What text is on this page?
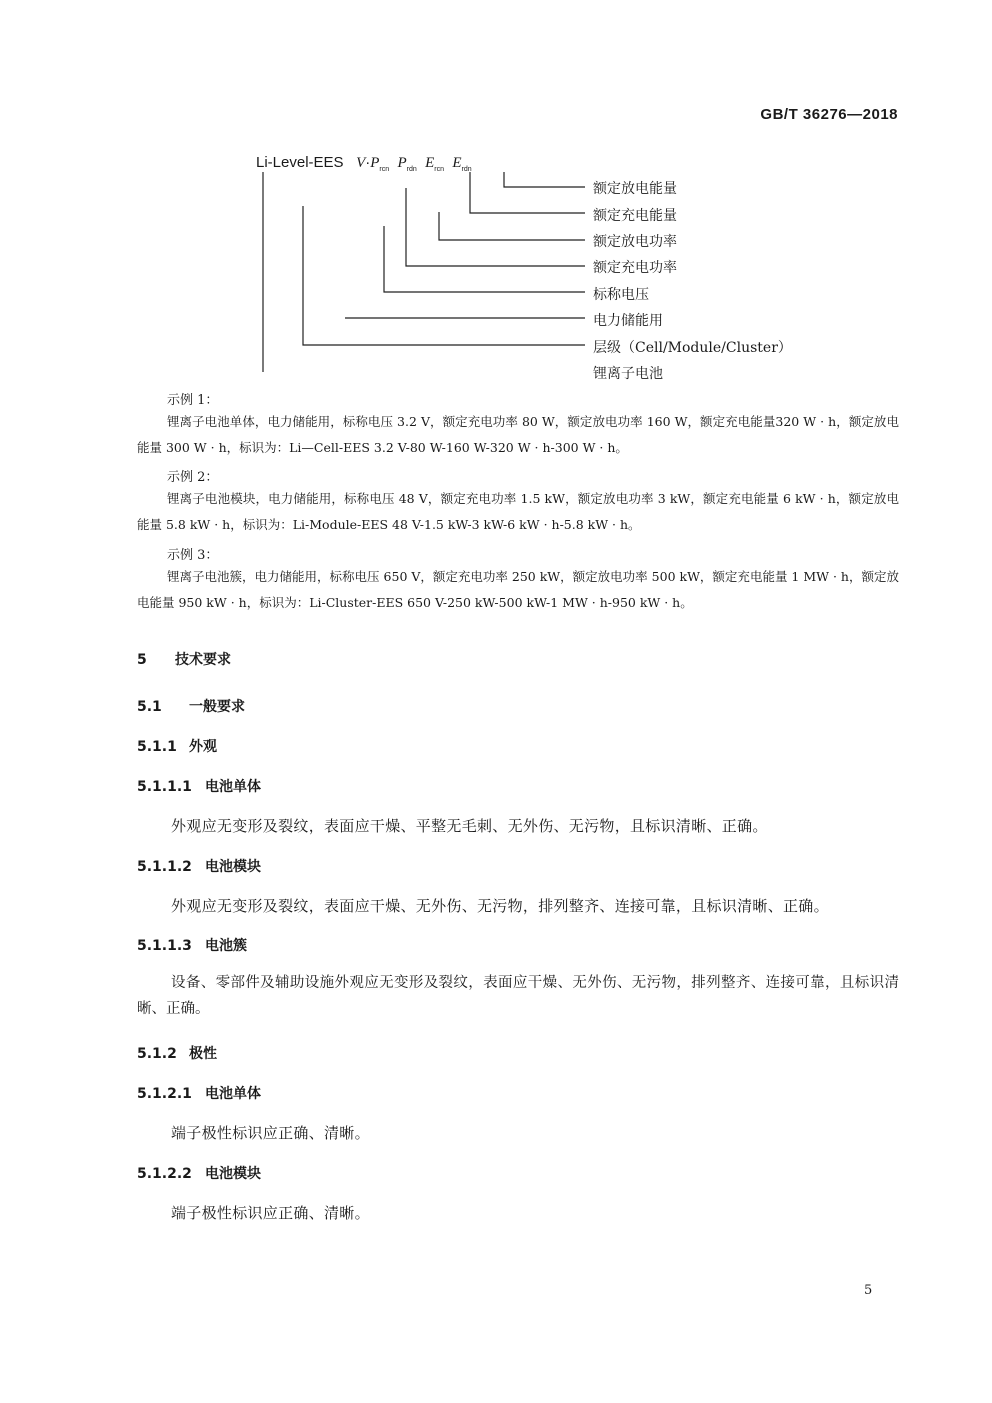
GB/T 36276—2018
Li-Level-EES $V\cdot P_{rcn}$ $P_{rdn}$ $E_{rcn}$ $E_{rdn}$
额定放电能量
额定充电能量
额定放电功率
额定充电功率
标称电压
电力储能用
层级（Cell/Module/Cluster）
锂离子电池
示例 1：
锂离子电池单体，电力储能用，标称电压 3.2 V，额定充电功率 80 W，额定放电功率 160 W，额定充电能量320 W · h，额定放电能量 300 W · h，标识为：Li—Cell-EES 3.2 V-80 W-160 W-320 W · h-300 W · h。
示例 2：
锂离子电池模块，电力储能用，标称电压 48 V，额定充电功率 1.5 kW，额定放电功率 3 kW，额定充电能量 6 kW · h，额定放电能量 5.8 kW · h，标识为：Li-Module-EES 48 V-1.5 kW-3 kW-6 kW · h-5.8 kW · h。
示例 3：
锂离子电池簇，电力储能用，标称电压 650 V，额定充电功率 250 kW，额定放电功率 500 kW，额定充电能量 1 MW · h，额定放电能量 950 kW · h，标识为：Li-Cluster-EES 650 V-250 kW-500 kW-1 MW · h-950 kW · h。
5 技术要求
5.1 一般要求
5.1.1 外观
5.1.1.1 电池单体
外观应无变形及裂纹，表面应干燥、平整无毛刺、无外伤、无污物，且标识清晰、正确。
5.1.1.2 电池模块
外观应无变形及裂纹，表面应干燥、无外伤、无污物，排列整齐、连接可靠，且标识清晰、正确。
5.1.1.3 电池簇
设备、零部件及辅助设施外观应无变形及裂纹，表面应干燥、无外伤、无污物，排列整齐、连接可靠，且标识清晰、正确。
5.1.2 极性
5.1.2.1 电池单体
端子极性标识应正确、清晰。
5.1.2.2 电池模块
端子极性标识应正确、清晰。
5
